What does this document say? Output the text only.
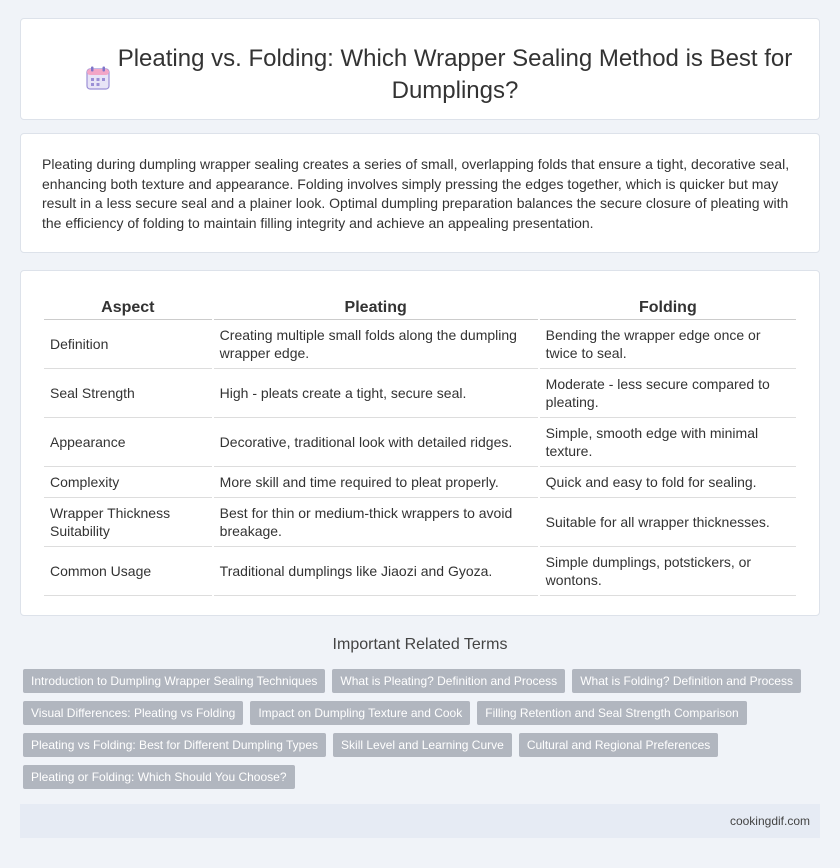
Pleating vs. Folding: Which Wrapper Sealing Method is Best for Dumplings?

Pleating during dumpling wrapper sealing creates a series of small, overlapping folds that ensure a tight, decorative seal, enhancing both texture and appearance. Folding involves simply pressing the edges together, which is quicker but may result in a less secure seal and a plainer look. Optimal dumpling preparation balances the secure closure of pleating with the efficiency of folding to maintain filling integrity and achieve an appealing presentation.

Aspect	Pleating	Folding
Definition	Creating multiple small folds along the dumpling wrapper edge.	Bending the wrapper edge once or twice to seal.
Seal Strength	High - pleats create a tight, secure seal.	Moderate - less secure compared to pleating.
Appearance	Decorative, traditional look with detailed ridges.	Simple, smooth edge with minimal texture.
Complexity	More skill and time required to pleat properly.	Quick and easy to fold for sealing.
Wrapper Thickness Suitability	Best for thin or medium-thick wrappers to avoid breakage.	Suitable for all wrapper thicknesses.
Common Usage	Traditional dumplings like Jiaozi and Gyoza.	Simple dumplings, potstickers, or wontons.
Important Related Terms
Introduction to Dumpling Wrapper Sealing Techniques	What is Pleating? Definition and Process	What is Folding? Definition and Process
Visual Differences: Pleating vs Folding	Impact on Dumpling Texture and Cook	Filling Retention and Seal Strength Comparison
Pleating vs Folding: Best for Different Dumpling Types	Skill Level and Learning Curve	Cultural and Regional Preferences
Pleating or Folding: Which Should You Choose?
cookingdif.com
